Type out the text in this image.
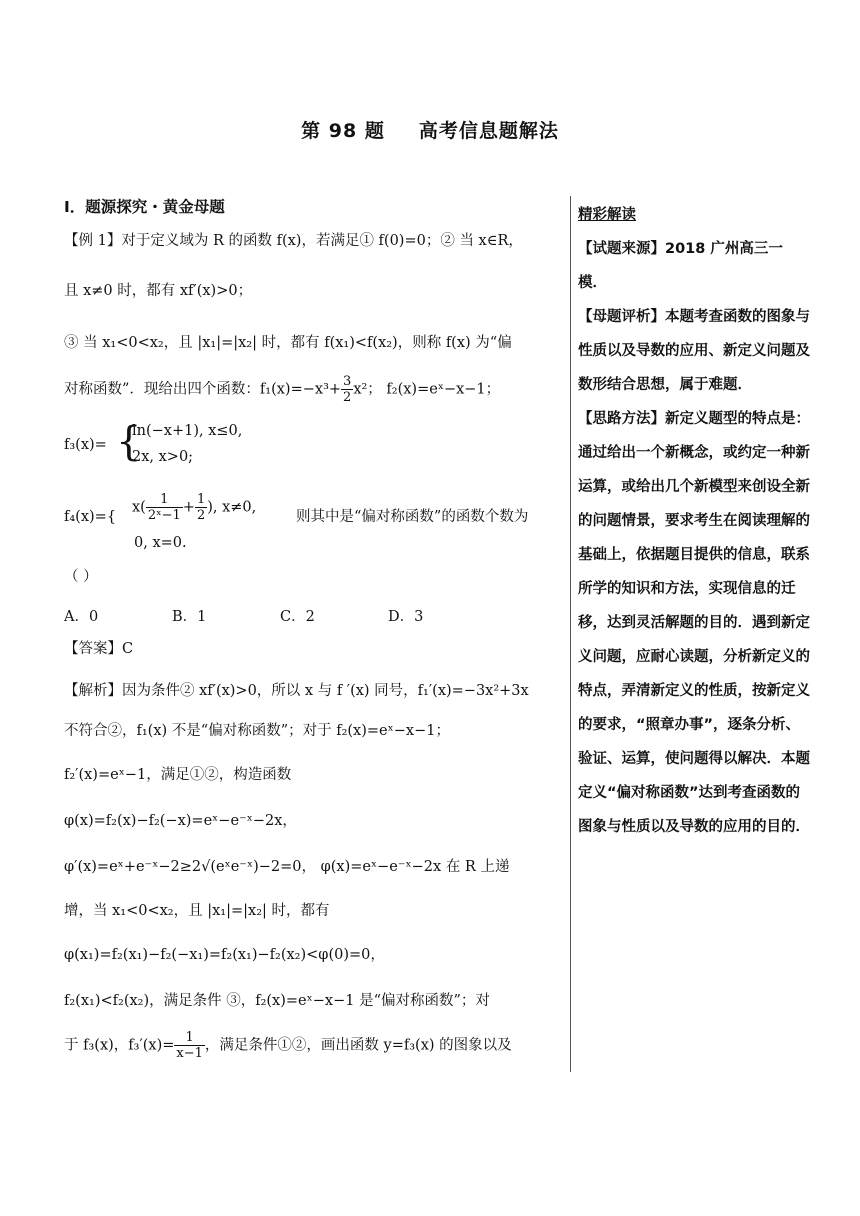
第 98 题 高考信息题解法
I．题源探究・黄金母题
【例 1】对于定义域为 R 的函数 f(x)，若满足① f(0)=0；② 当 x∈R，
且 x≠0 时，都有 xf′(x)>0；
③ 当 x₁<0<x₂，且 |x₁|=|x₂| 时，都有 f(x₁)<f(x₂)，则称 f(x) 为“偏
对称函数”．现给出四个函数：$f_1(x)=-x^3+ \frac{3}{2} x^2$； f₂(x)=eˣ−x−1；
f₃(x)= {
ln(−x+1), x≤0,
2x, x>0;
f₄(x)={
$x( \frac{1}{\text{2ˣ−1}} + \frac{1}{2}$ ), x≠0,
则其中是“偏对称函数”的函数个数为
0, x=0.
（ ）
A．0	B．1	C．2	D．3
【答案】C
【解析】因为条件② xf′(x)>0，所以 x 与 f ′(x) 同号，f₁′(x)=−3x²+3x
不符合②，f₁(x) 不是“偏对称函数”；对于 f₂(x)=eˣ−x−1；
f₂′(x)=eˣ−1，满足①②，构造函数
φ(x)=f₂(x)−f₂(−x)=eˣ−e⁻ˣ−2x，
φ′(x)=eˣ+e⁻ˣ−2≥2√(eˣe⁻ˣ)−2=0， φ(x)=eˣ−e⁻ˣ−2x 在 R 上递
增，当 x₁<0<x₂，且 |x₁|=|x₂| 时，都有
φ(x₁)=f₂(x₁)−f₂(−x₁)=f₂(x₁)−f₂(x₂)<φ(0)=0，
f₂(x₁)<f₂(x₂)，满足条件 ③，f₂(x)=eˣ−x−1 是“偏对称函数”；对
于 f₃(x)，$f_3'(x)= \frac{1}{x-1}$ ，满足条件①②，画出函数 y=f₃(x) 的图象以及
精彩解读
【试题来源】2018 广州高三一模．
【母题评析】本题考查函数的图象与性质以及导数的应用、新定义问题及数形结合思想，属于难题．
【思路方法】新定义题型的特点是：通过给出一个新概念，或约定一种新运算，或给出几个新模型来创设全新的问题情景，要求考生在阅读理解的基础上，依据题目提供的信息，联系所学的知识和方法，实现信息的迁移，达到灵活解题的目的．遇到新定义问题，应耐心读题，分析新定义的特点，弄清新定义的性质，按新定义的要求，“照章办事”，逐条分析、验证、运算，使问题得以解决．本题定义“偏对称函数”达到考查函数的图象与性质以及导数的应用的目的．
